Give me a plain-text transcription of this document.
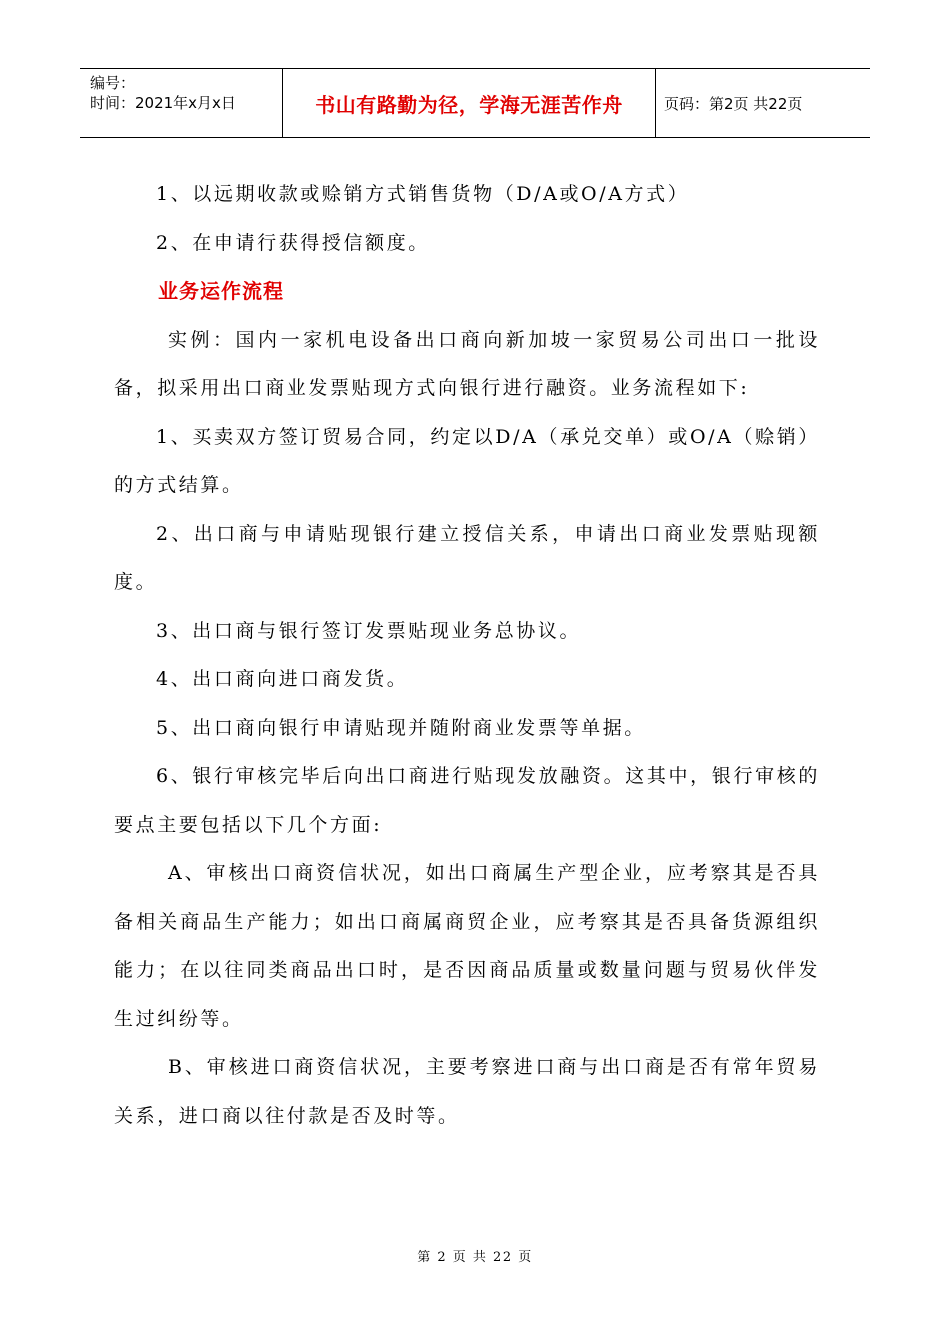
编号：
时间：2021年x月x日	书山有路勤为径，学海无涯苦作舟	页码：第2页 共22页

1、以远期收款或赊销方式销售货物（D/A或O/A方式）

2、在申请行获得授信额度。

业务运作流程

实例：国内一家机电设备出口商向新加坡一家贸易公司出口一批设备，拟采用出口商业发票贴现方式向银行进行融资。业务流程如下:

1、买卖双方签订贸易合同，约定以D/A（承兑交单）或O/A（赊销）的方式结算。

2、出口商与申请贴现银行建立授信关系，申请出口商业发票贴现额度。

3、出口商与银行签订发票贴现业务总协议。

4、出口商向进口商发货。

5、出口商向银行申请贴现并随附商业发票等单据。

6、银行审核完毕后向出口商进行贴现发放融资。这其中，银行审核的要点主要包括以下几个方面:

A、审核出口商资信状况，如出口商属生产型企业，应考察其是否具备相关商品生产能力；如出口商属商贸企业，应考察其是否具备货源组织能力；在以往同类商品出口时，是否因商品质量或数量问题与贸易伙伴发生过纠纷等。

B、审核进口商资信状况，主要考察进口商与出口商是否有常年贸易关系，进口商以往付款是否及时等。

第 2 页 共 22 页
